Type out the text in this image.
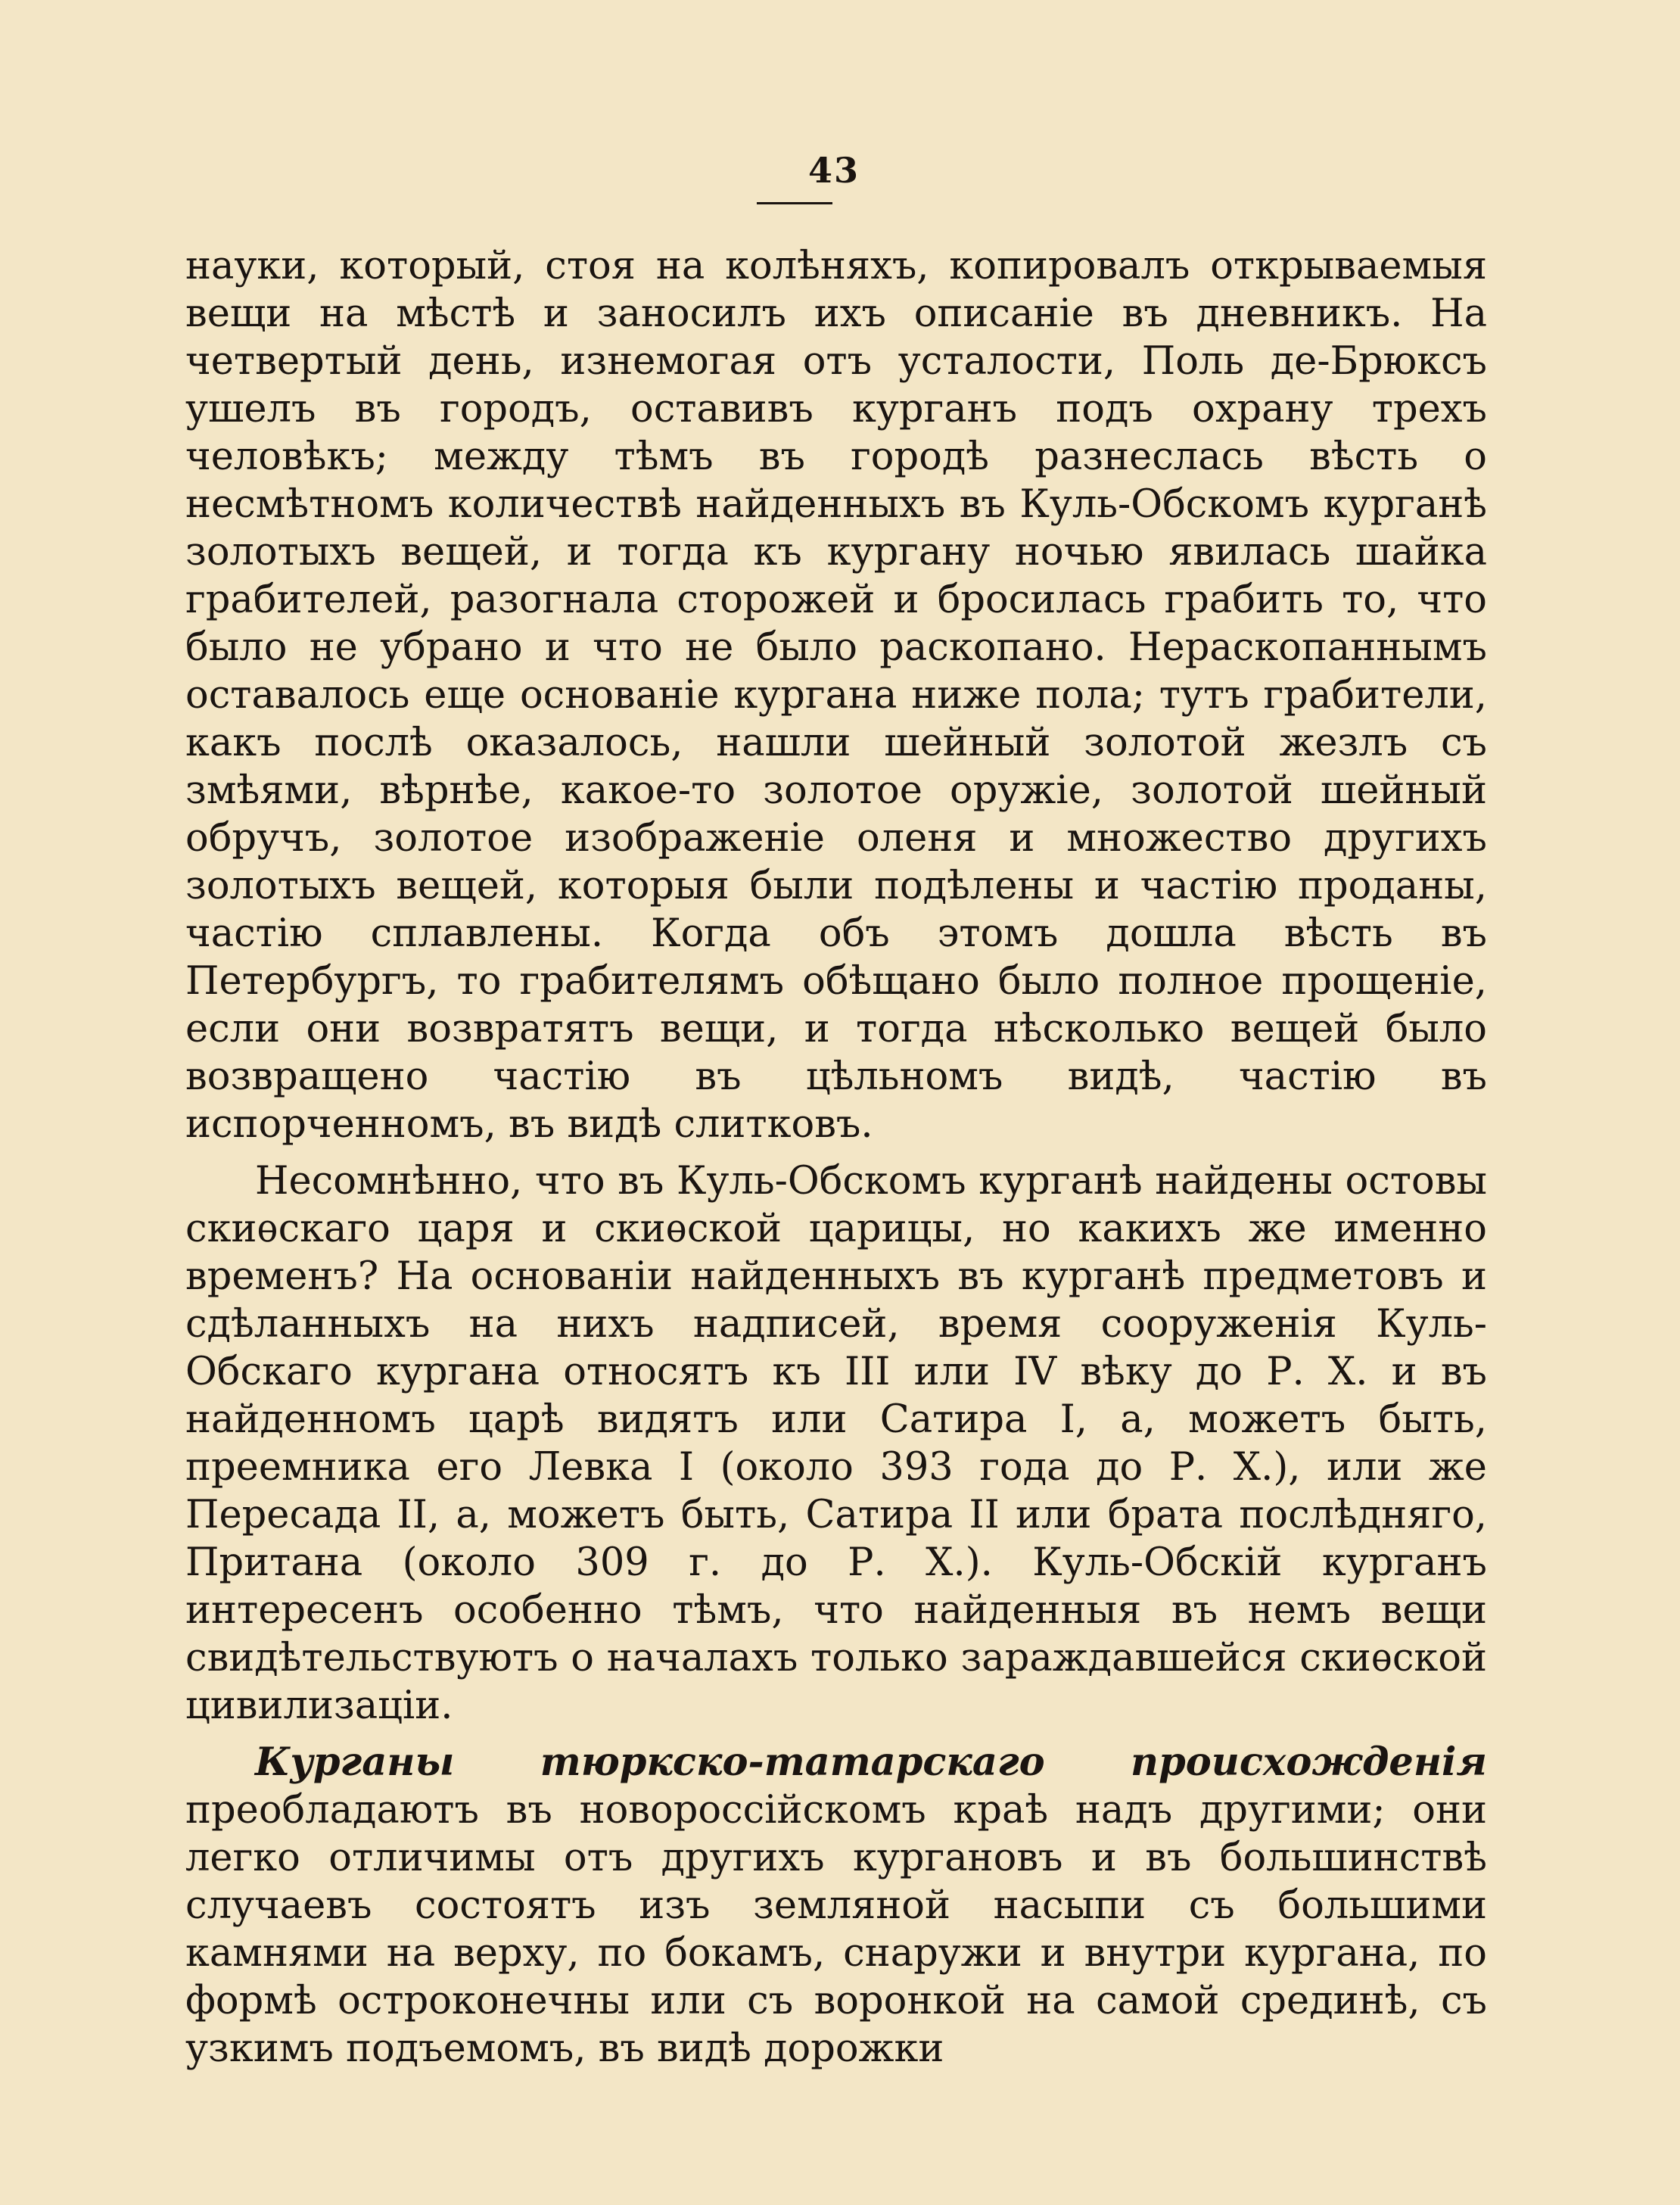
43

науки, который, стоя на колѣняхъ, копировалъ открываемыя вещи на мѣстѣ и заносилъ ихъ описаніе въ дневникъ. На четвертый день, изнемогая отъ усталости, Поль де-Брюксъ ушелъ въ городъ, оставивъ курганъ подъ охрану трехъ человѣкъ; между тѣмъ въ городѣ разнеслась вѣсть о несмѣтномъ количествѣ найденныхъ въ Куль-Обскомъ курганѣ золотыхъ вещей, и тогда къ кургану ночью явилась шайка грабителей, разогнала сторожей и бросилась грабить то, что было не убрано и что не было раскопано. Нераскопаннымъ оставалось еще основаніе кургана ниже пола; тутъ грабители, какъ послѣ оказалось, нашли шейный золотой жезлъ съ змѣями, вѣрнѣе, какое-то золотое оружіе, золотой шейный обручъ, золотое изображеніе оленя и множество другихъ золотыхъ вещей, которыя были подѣлены и частію проданы, частію сплавлены. Когда объ этомъ дошла вѣсть въ Петербургъ, то грабителямъ обѣщано было полное прощеніе, если они возвратятъ вещи, и тогда нѣсколько вещей было возвращено частію въ цѣльномъ видѣ, частію въ испорченномъ, въ видѣ слитковъ.

Несомнѣнно, что въ Куль-Обскомъ курганѣ найдены остовы скиѳскаго царя и скиѳской царицы, но какихъ же именно временъ? На основаніи найденныхъ въ курганѣ предметовъ и сдѣланныхъ на нихъ надписей, время сооруженія Куль-Обскаго кургана относятъ къ III или IV вѣку до Р. Х. и въ найденномъ царѣ видятъ или Сатира I, а, можетъ быть, преемника его Левка I (около 393 года до Р. Х.), или же Пересада II, а, можетъ быть, Сатира II или брата послѣдняго, Притана (около 309 г. до Р. Х.). Куль-Обскій курганъ интересенъ особенно тѣмъ, что найденныя въ немъ вещи свидѣтельствуютъ о началахъ только зараждавшейся скиѳской цивилизаціи.

Курганы тюркско-татарскаго происхожденія преобладаютъ въ новороссійскомъ краѣ надъ другими; они легко отличимы отъ другихъ кургановъ и въ большинствѣ случаевъ состоятъ изъ земляной насыпи съ большими камнями на верху, по бокамъ, снаружи и внутри кургана, по формѣ остроконечны или съ воронкой на самой срединѣ, съ узкимъ подъемомъ, въ видѣ дорожки
